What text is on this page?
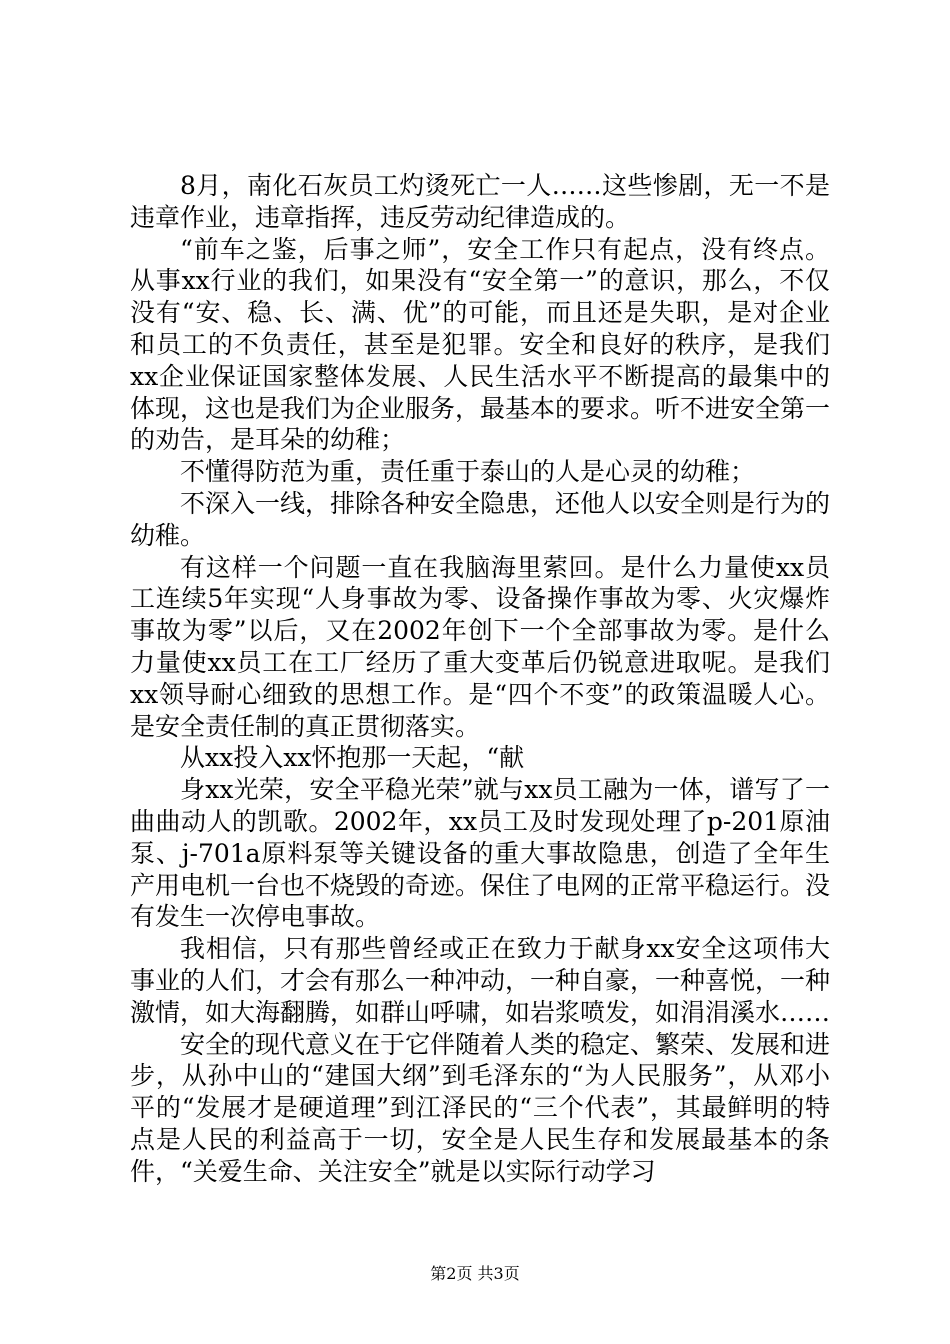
8月，南化石灰员工灼烫死亡一人……这些惨剧，无一不是违章作业，违章指挥，违反劳动纪律造成的。

“前车之鉴，后事之师”，安全工作只有起点，没有终点。从事xx行业的我们，如果没有“安全第一”的意识，那么，不仅没有“安、稳、长、满、优”的可能，而且还是失职，是对企业和员工的不负责任，甚至是犯罪。安全和良好的秩序，是我们xx企业保证国家整体发展、人民生活水平不断提高的最集中的体现，这也是我们为企业服务，最基本的要求。听不进安全第一的劝告，是耳朵的幼稚；

不懂得防范为重，责任重于泰山的人是心灵的幼稚；

不深入一线，排除各种安全隐患，还他人以安全则是行为的幼稚。

有这样一个问题一直在我脑海里萦回。是什么力量使xx员工连续5年实现“人身事故为零、设备操作事故为零、火灾爆炸事故为零”以后，又在2002年创下一个全部事故为零。是什么力量使xx员工在工厂经历了重大变革后仍锐意进取呢。是我们xx领导耐心细致的思想工作。是“四个不变”的政策温暖人心。是安全责任制的真正贯彻落实。

从xx投入xx怀抱那一天起，“献

身xx光荣，安全平稳光荣”就与xx员工融为一体，谱写了一曲曲动人的凯歌。2002年，xx员工及时发现处理了p-201原油泵、j-701a原料泵等关键设备的重大事故隐患，创造了全年生产用电机一台也不烧毁的奇迹。保住了电网的正常平稳运行。没有发生一次停电事故。

我相信，只有那些曾经或正在致力于献身xx安全这项伟大事业的人们，才会有那么一种冲动，一种自豪，一种喜悦，一种激情，如大海翻腾，如群山呼啸，如岩浆喷发，如涓涓溪水……

安全的现代意义在于它伴随着人类的稳定、繁荣、发展和进步，从孙中山的“建国大纲”到毛泽东的“为人民服务”，从邓小平的“发展才是硬道理”到江泽民的“三个代表”，其最鲜明的特点是人民的利益高于一切，安全是人民生存和发展最基本的条件，“关爱生命、关注安全”就是以实际行动学习

第2页 共3页
